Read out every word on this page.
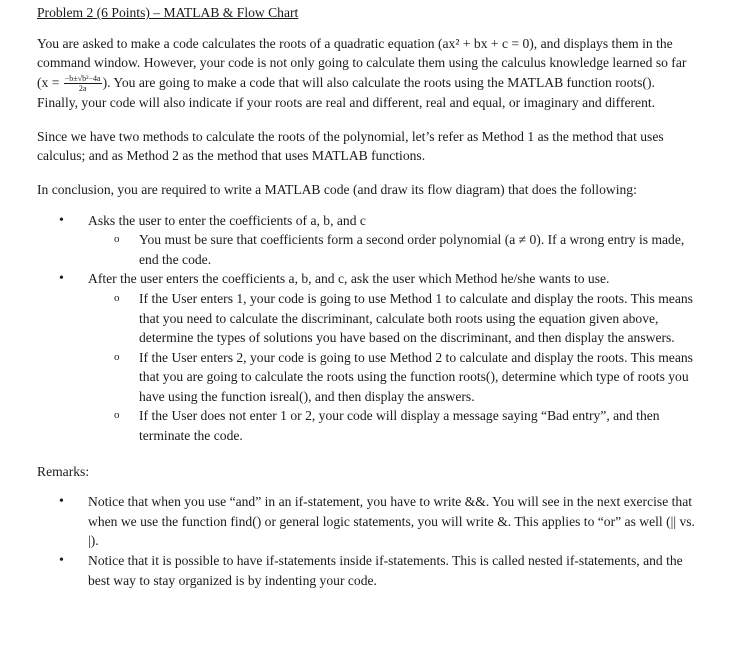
Problem 2 (6 Points) – MATLAB & Flow Chart

You are asked to make a code calculates the roots of a quadratic equation (ax² + bx + c = 0), and displays them in the command window. However, your code is not only going to calculate them using the calculus knowledge learned so far ($x = \frac{\text{−b±√b²−4a}}{2a}$ ). You are going to make a code that will also calculate the roots using the MATLAB function roots(). Finally, your code will also indicate if your roots are real and different, real and equal, or imaginary and different.

Since we have two methods to calculate the roots of the polynomial, let’s refer as Method 1 as the method that uses calculus; and as Method 2 as the method that uses MATLAB functions.

In conclusion, you are required to write a MATLAB code (and draw its flow diagram) that does the following:

• Asks the user to enter the coefficients of a, b, and c
o You must be sure that coefficients form a second order polynomial (a ≠ 0). If a wrong entry is made, end the code.
• After the user enters the coefficients a, b, and c, ask the user which Method he/she wants to use.
o If the User enters 1, your code is going to use Method 1 to calculate and display the roots. This means that you need to calculate the discriminant, calculate both roots using the equation given above, determine the types of solutions you have based on the discriminant, and then display the answers.
o If the User enters 2, your code is going to use Method 2 to calculate and display the roots. This means that you are going to calculate the roots using the function roots(), determine which type of roots you have using the function isreal(), and then display the answers.
o If the User does not enter 1 or 2, your code will display a message saying “Bad entry”, and then terminate the code.

Remarks:

• Notice that when you use “and” in an if-statement, you have to write &&. You will see in the next exercise that when we use the function find() or general logic statements, you will write &. This applies to “or” as well (|| vs. |).
• Notice that it is possible to have if-statements inside if-statements. This is called nested if-statements, and the best way to stay organized is by indenting your code.
